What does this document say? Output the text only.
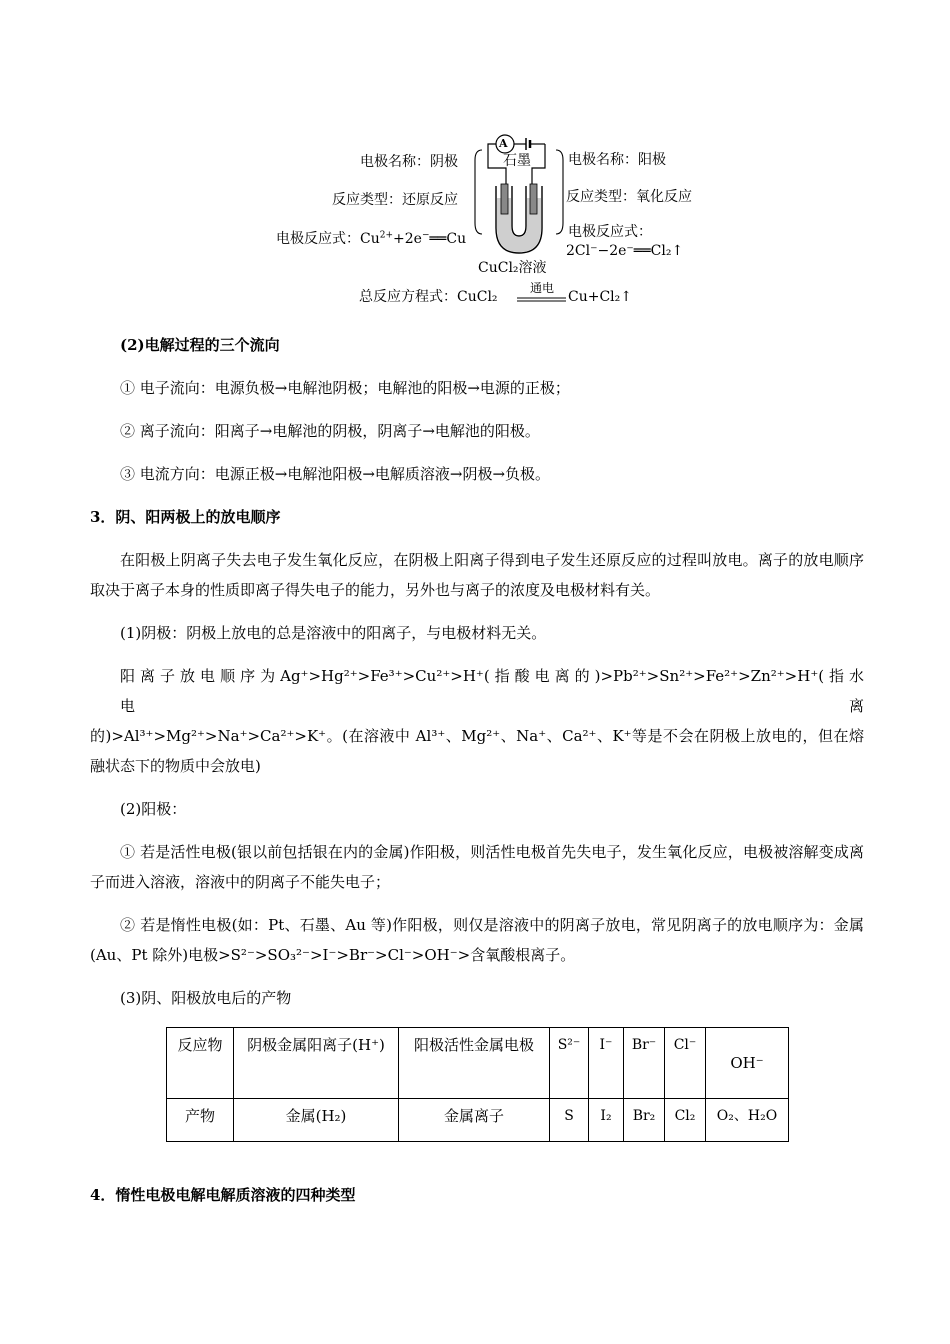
A
石墨
电极名称：阴极
反应类型：还原反应
电极反应式：$Cu^{2+}+2e^-══Cu$
电极名称：阳极
反应类型：氧化反应
电极反应式：
2Cl⁻−2e⁻══Cl₂↑
CuCl₂溶液
总反应方程式：CuCl₂
通电
Cu+Cl₂↑

(2)电解过程的三个流向

① 电子流向：电源负极→电解池阴极；电解池的阳极→电源的正极；

② 离子流向：阳离子→电解池的阴极，阴离子→电解池的阳极。

③ 电流方向：电源正极→电解池阳极→电解质溶液→阴极→负极。

3．阴、阳两极上的放电顺序

在阳极上阴离子失去电子发生氧化反应，在阴极上阳离子得到电子发生还原反应的过程叫放电。离子的放电顺序取决于离子本身的性质即离子得失电子的能力，另外也与离子的浓度及电极材料有关。

(1)阴极：阴极上放电的总是溶液中的阳离子，与电极材料无关。

阳 离 子 放 电 顺 序 为 Ag⁺>Hg²⁺>Fe³⁺>Cu²⁺>H⁺( 指 酸 电 离 的 )>Pb²⁺>Sn²⁺>Fe²⁺>Zn²⁺>H⁺( 指 水 电 离

的)>Al³⁺>Mg²⁺>Na⁺>Ca²⁺>K⁺。(在溶液中 Al³⁺、Mg²⁺、Na⁺、Ca²⁺、K⁺等是不会在阴极上放电的，但在熔

融状态下的物质中会放电)

(2)阳极：

① 若是活性电极(银以前包括银在内的金属)作阳极，则活性电极首先失电子，发生氧化反应，电极被溶解变成离子而进入溶液，溶液中的阴离子不能失电子；

② 若是惰性电极(如：Pt、石墨、Au 等)作阳极，则仅是溶液中的阴离子放电，常见阴离子的放电顺序为：金属(Au、Pt 除外)电极>S²⁻>SO₃²⁻>I⁻>Br⁻>Cl⁻>OH⁻>含氧酸根离子。

(3)阴、阳极放电后的产物

反应物	阴极金属阳离子(H⁺)	阳极活性金属电极	S²⁻	I⁻	Br⁻	Cl⁻	OH⁻
产物	金属(H₂)	金属离子	S	I₂	Br₂	Cl₂	O₂、H₂O

4．惰性电极电解电解质溶液的四种类型
